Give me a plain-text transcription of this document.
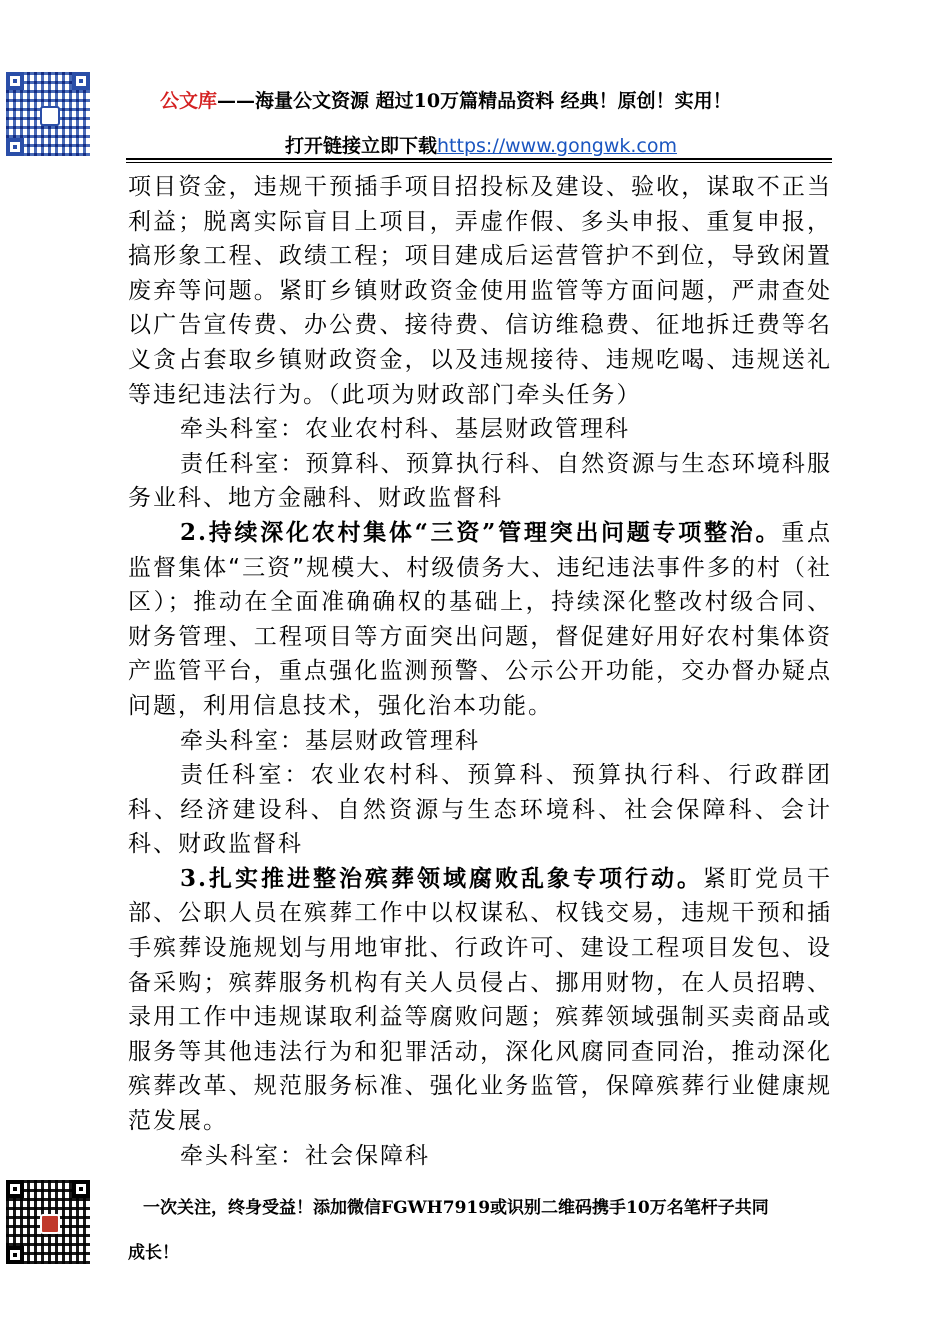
公文库——海量公文资源 超过10万篇精品资料 经典！原创！实用！
打开链接立即下载https://www.gongwk.com

项目资金，违规干预插手项目招投标及建设、验收，谋取不正当利益；脱离实际盲目上项目，弄虚作假、多头申报、重复申报，搞形象工程、政绩工程；项目建成后运营管护不到位，导致闲置废弃等问题。紧盯乡镇财政资金使用监管等方面问题，严肃查处以广告宣传费、办公费、接待费、信访维稳费、征地拆迁费等名义贪占套取乡镇财政资金，以及违规接待、违规吃喝、违规送礼等违纪违法行为。（此项为财政部门牵头任务）

牵头科室：农业农村科、基层财政管理科

责任科室：预算科、预算执行科、自然资源与生态环境科服务业科、地方金融科、财政监督科

2.持续深化农村集体“三资”管理突出问题专项整治。重点监督集体“三资”规模大、村级债务大、违纪违法事件多的村（社区）；推动在全面准确确权的基础上，持续深化整改村级合同、财务管理、工程项目等方面突出问题，督促建好用好农村集体资产监管平台，重点强化监测预警、公示公开功能，交办督办疑点问题，利用信息技术，强化治本功能。

牵头科室：基层财政管理科

责任科室：农业农村科、预算科、预算执行科、行政群团科、经济建设科、自然资源与生态环境科、社会保障科、会计科、财政监督科

3.扎实推进整治殡葬领域腐败乱象专项行动。紧盯党员干部、公职人员在殡葬工作中以权谋私、权钱交易，违规干预和插手殡葬设施规划与用地审批、行政许可、建设工程项目发包、设备采购；殡葬服务机构有关人员侵占、挪用财物，在人员招聘、录用工作中违规谋取利益等腐败问题；殡葬领域强制买卖商品或服务等其他违法行为和犯罪活动，深化风腐同查同治，推动深化殡葬改革、规范服务标准、强化业务监管，保障殡葬行业健康规范发展。

牵头科室：社会保障科

一次关注，终身受益！添加微信FGWH7919或识别二维码携手10万名笔杆子共同
成长！
